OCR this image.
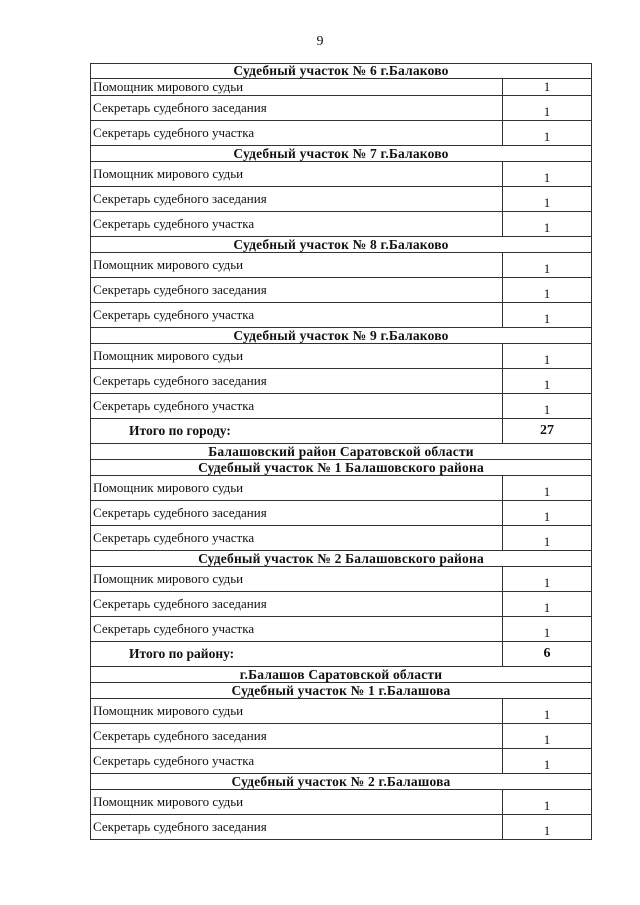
9
Судебный участок № 6 г.Балаково
Помощник мирового судьи	1
Секретарь судебного заседания	1
Секретарь судебного участка	1
Судебный участок № 7 г.Балаково
Помощник мирового судьи	1
Секретарь судебного заседания	1
Секретарь судебного участка	1
Судебный участок № 8 г.Балаково
Помощник мирового судьи	1
Секретарь судебного заседания	1
Секретарь судебного участка	1
Судебный участок № 9 г.Балаково
Помощник мирового судьи	1
Секретарь судебного заседания	1
Секретарь судебного участка	1
Итого по городу:	27
Балашовский район Саратовской области
Судебный участок № 1 Балашовского района
Помощник мирового судьи	1
Секретарь судебного заседания	1
Секретарь судебного участка	1
Судебный участок № 2 Балашовского района
Помощник мирового судьи	1
Секретарь судебного заседания	1
Секретарь судебного участка	1
Итого по району:	6
г.Балашов Саратовской области
Судебный участок № 1 г.Балашова
Помощник мирового судьи	1
Секретарь судебного заседания	1
Секретарь судебного участка	1
Судебный участок № 2 г.Балашова
Помощник мирового судьи	1
Секретарь судебного заседания	1
